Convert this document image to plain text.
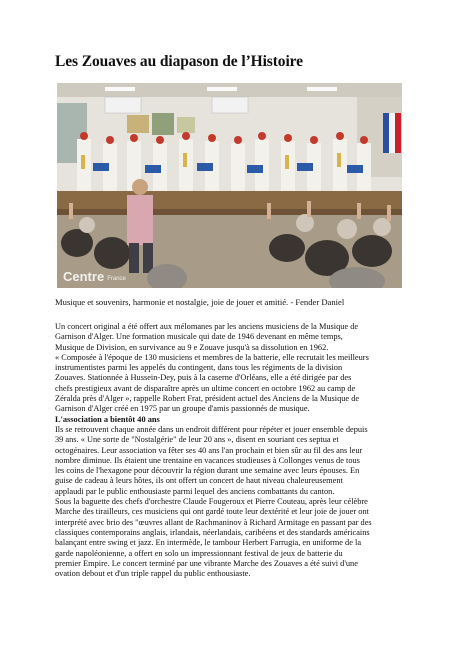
Les Zouaves au diapason de l’Histoire
Centre France
Musique et souvenirs, harmonie et nostalgie, joie de jouer et amitié. - Fender Daniel
Un concert original a été offert aux mélomanes par les anciens musiciens de la Musique de
Garnison d'Alger. Une formation musicale qui date de 1946 devenant en même temps,
Musique de Division, en survivance au 9 e Zouave jusqu'à sa dissolution en 1962.
« Composée à l'époque de 130 musiciens et membres de la batterie, elle recrutait les meilleurs
instrumentistes parmi les appelés du contingent, dans tous les régiments de la division
Zouaves. Stationnée à Hussein-Dey, puis à la caserne d'Orléans, elle a été dirigée par des
chefs prestigieux avant de disparaître après un ultime concert en octobre 1962 au camp de
Zéralda près d'Alger », rappelle Robert Frat, président actuel des Anciens de la Musique de
Garnison d'Alger créé en 1975 par un groupe d'amis passionnés de musique.
L'association a bientôt 40 ans
Ils se retrouvent chaque année dans un endroit différent pour répéter et jouer ensemble depuis
39 ans. « Une sorte de "Nostalgérie" de leur 20 ans », disent en souriant ces septua et
octogénaires. Leur association va fêter ses 40 ans l'an prochain et bien sûr au fil des ans leur
nombre diminue. Ils étaient une trentaine en vacances studieuses à Collonges venus de tous
les coins de l'hexagone pour découvrir la région durant une semaine avec leurs épouses. En
guise de cadeau à leurs hôtes, ils ont offert un concert de haut niveau chaleureusement
applaudi par le public enthousiaste parmi lequel des anciens combattants du canton.
Sous la baguette des chefs d'orchestre Claude Fougeroux et Pierre Couteau, après leur célèbre
Marche des tirailleurs, ces musiciens qui ont gardé toute leur dextérité et leur joie de jouer ont
interprété avec brio des "œuvres allant de Rachmaninov à Richard Armitage en passant par des
classiques contemporains anglais, irlandais, néerlandais, caribéens et des standards américains
balançant entre swing et jazz. En intermède, le tambour Herbert Farrugia, en uniforme de la
garde napoléonienne, a offert en solo un impressionnant festival de jeux de batterie du
premier Empire. Le concert terminé par une vibrante Marche des Zouaves a été suivi d'une
ovation debout et d'un triple rappel du public enthousiaste.
